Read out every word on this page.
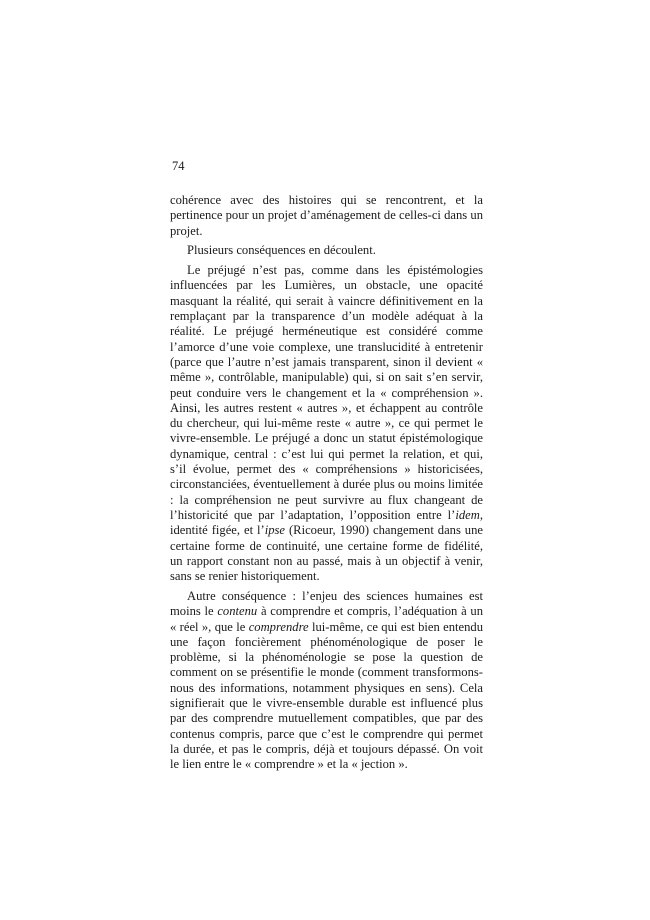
74

cohérence avec des histoires qui se rencontrent, et la pertinence pour un projet d’aménagement de celles-ci dans un projet.

Plusieurs conséquences en découlent.

Le préjugé n’est pas, comme dans les épistémologies influencées par les Lumières, un obstacle, une opacité masquant la réalité, qui serait à vaincre définitivement en la remplaçant par la transparence d’un modèle adéquat à la réalité. Le préjugé herméneutique est considéré comme l’amorce d’une voie complexe, une translucidité à entretenir (parce que l’autre n’est jamais transparent, sinon il devient « même », contrôlable, manipulable) qui, si on sait s’en servir, peut conduire vers le changement et la « compréhension ». Ainsi, les autres restent « autres », et échappent au contrôle du chercheur, qui lui-même reste « autre », ce qui permet le vivre-ensemble. Le préjugé a donc un statut épistémologique dynamique, central : c’est lui qui permet la relation, et qui, s’il évolue, permet des « compréhensions » historicisées, circonstanciées, éventuellement à durée plus ou moins limitée : la compréhension ne peut survivre au flux changeant de l’historicité que par l’adaptation, l’opposition entre l’idem, identité figée, et l’ipse (Ricoeur, 1990) changement dans une certaine forme de continuité, une certaine forme de fidélité, un rapport constant non au passé, mais à un objectif à venir, sans se renier historiquement.

Autre conséquence : l’enjeu des sciences humaines est moins le contenu à comprendre et compris, l’adéquation à un « réel », que le comprendre lui-même, ce qui est bien entendu une façon foncièrement phénoménologique de poser le problème, si la phénoménologie se pose la question de comment on se présentifie le monde (comment transformons-nous des informations, notamment physiques en sens). Cela signifierait que le vivre-ensemble durable est influencé plus par des comprendre mutuellement compatibles, que par des contenus compris, parce que c’est le comprendre qui permet la durée, et pas le compris, déjà et toujours dépassé. On voit le lien entre le « comprendre » et la « jection ».
